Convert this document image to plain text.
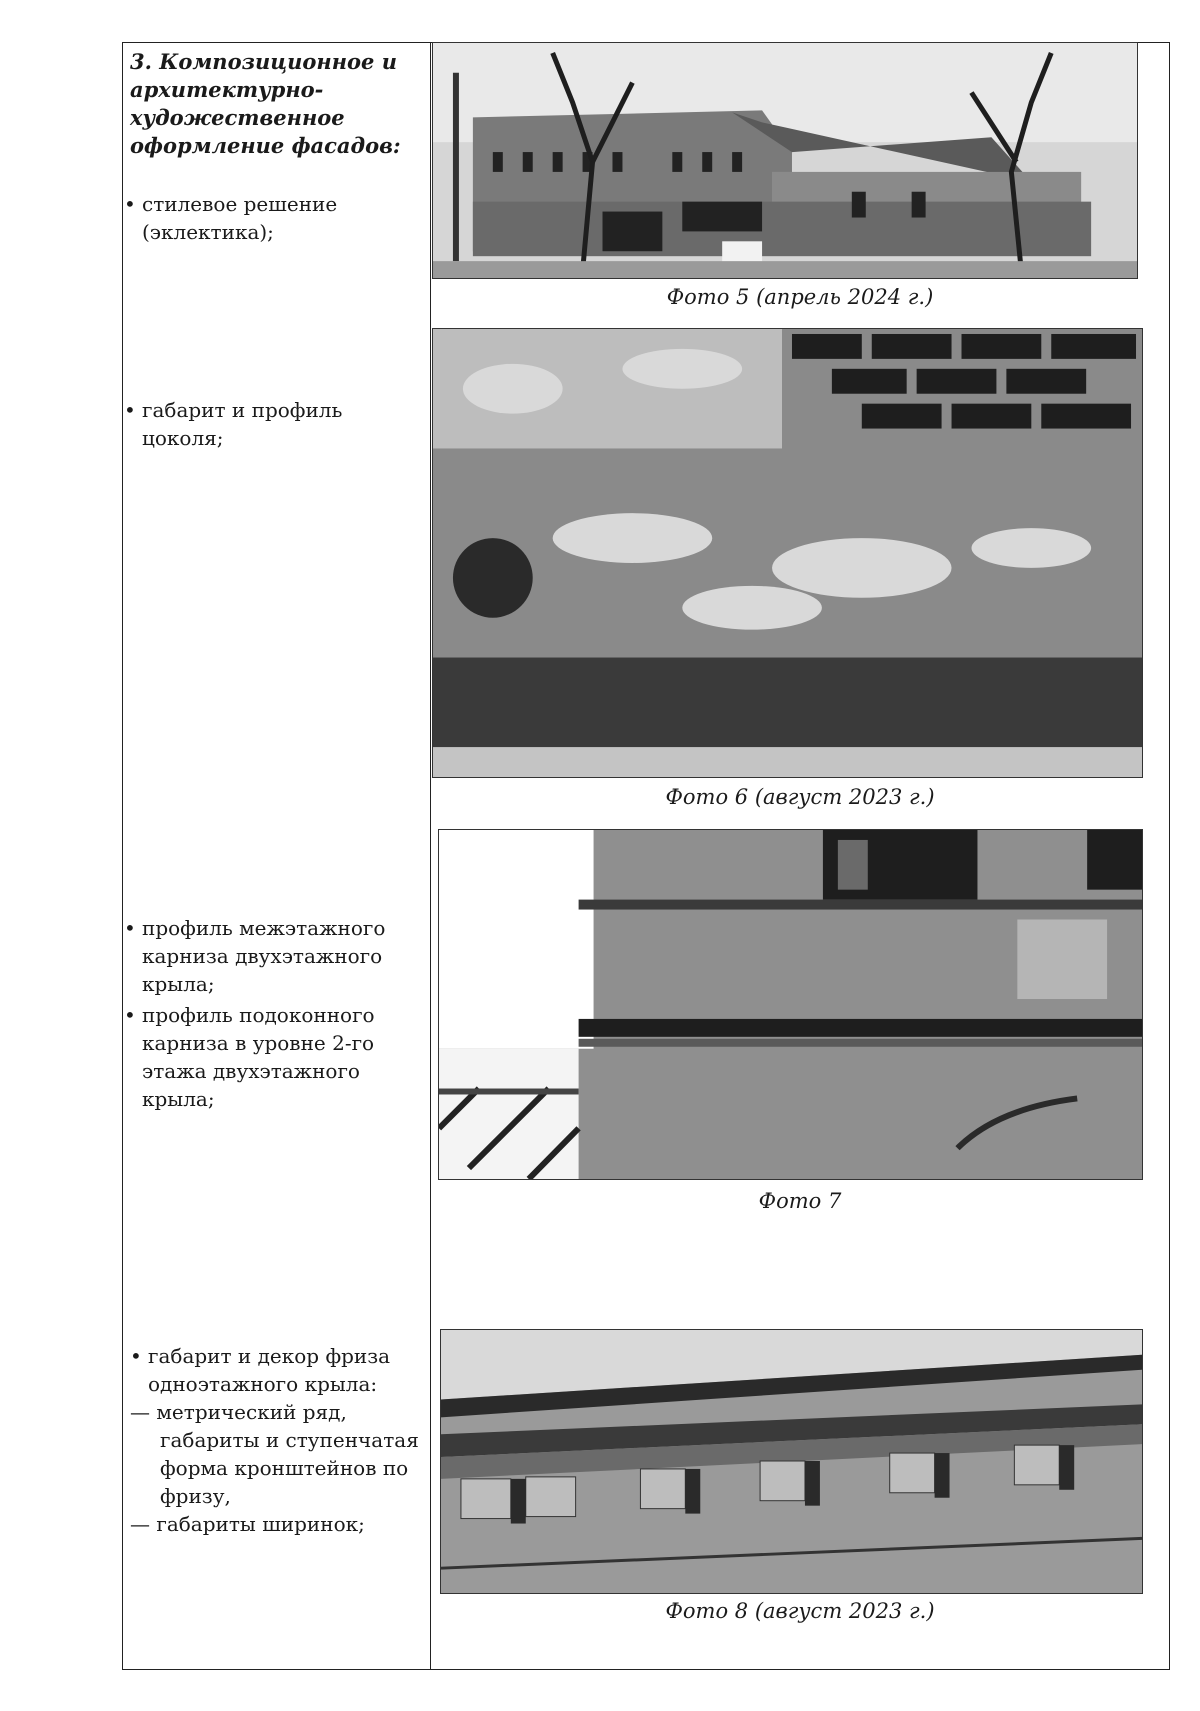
3. Композиционное и
архитектурно-
художественное
оформление фасадов:
• стилевое решение
(эклектика);
• габарит и профиль
цоколя;
• профиль межэтажного
карниза двухэтажного
крыла;
• профиль подоконного
карниза в уровне 2-го
этажа двухэтажного
крыла;
• габарит и декор фриза
одноэтажного крыла:
— метрический ряд,
габариты и ступенчатая
форма кронштейнов по
фризу,
— габариты ширинок;
Фото 5 (апрель 2024 г.)
Фото 6 (август 2023 г.)
Фото 7
Фото 8 (август 2023 г.)
